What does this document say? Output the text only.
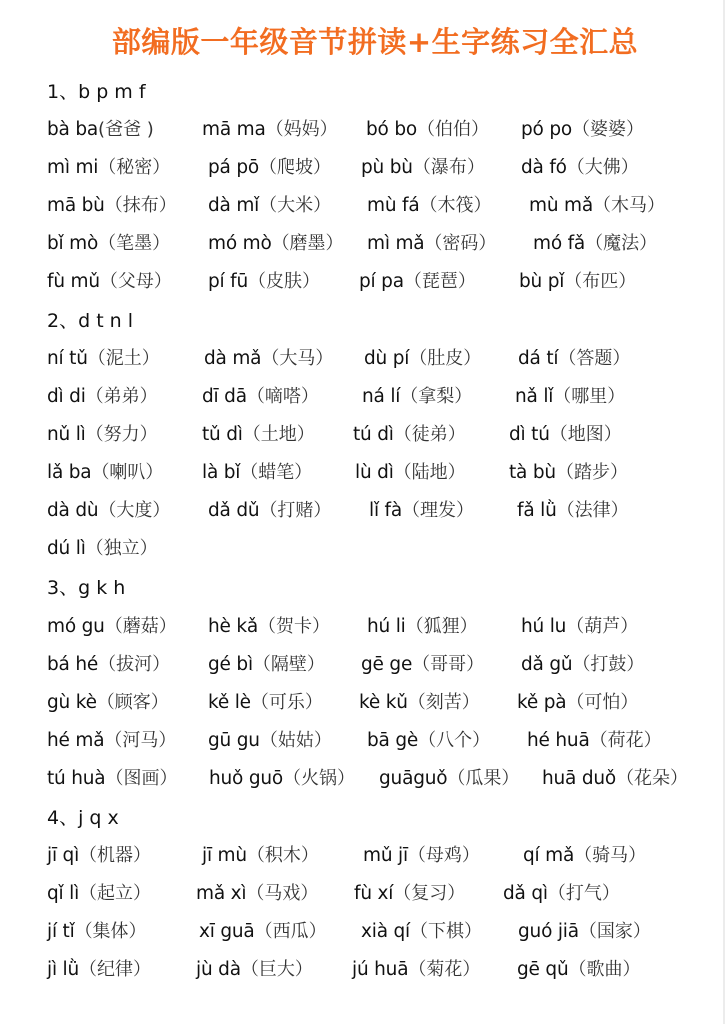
部编版一年级音节拼读+生字练习全汇总
1、b p m f
bà ba(爸爸 )	mā ma（妈妈） bó bo（伯伯） pó po（婆婆）
mì mi（秘密） pá pō（爬坡） pù bù（瀑布） dà fó（大佛）
mā bù（抹布） dà mǐ（大米） mù fá（木筏） mù mǎ（木马）
bǐ mò（笔墨） mó mò（磨墨） mì mǎ（密码） mó fǎ（魔法）
fù mǔ（父母） pí fū（皮肤） pí pa（琵琶） bù pǐ（布匹）
2、d t n l
ní tǔ（泥土） dà mǎ（大马） dù pí（肚皮） dá tí（答题）
dì di（弟弟） dī dā（嘀嗒） ná lí（拿梨） nǎ lǐ（哪里）
nǔ lì（努力） tǔ dì（土地） tú dì（徒弟） dì tú（地图）
lǎ ba（喇叭） là bǐ（蜡笔） lù dì（陆地） tà bù（踏步）
dà dù（大度） dǎ dǔ（打赌） lǐ fà（理发） fǎ lǜ（法律）
dú lì（独立）
3、g k h
mó gu（蘑菇） hè kǎ（贺卡） hú li（狐狸） hú lu（葫芦）
bá hé（拔河） gé bì（隔壁） gē ge（哥哥） dǎ gǔ（打鼓）
gù kè（顾客） kě lè（可乐） kè kǔ（刻苦） kě pà（可怕）
hé mǎ（河马） gū gu（姑姑） bā gè（八个） hé huā（荷花）
tú huà（图画） huǒ guō（火锅） guāguǒ（瓜果） huā duǒ（花朵）
4、j q x
jī qì（机器）	jī mù（积木） mǔ jī（母鸡） qí mǎ（骑马）
qǐ lì（起立） mǎ xì（马戏） fù xí（复习） dǎ qì（打气）
jí tǐ（集体）	xī guā（西瓜） xià qí（下棋） guó jiā（国家）
jì lǜ（纪律） jù dà（巨大） jú huā（菊花） gē qǔ（歌曲）
